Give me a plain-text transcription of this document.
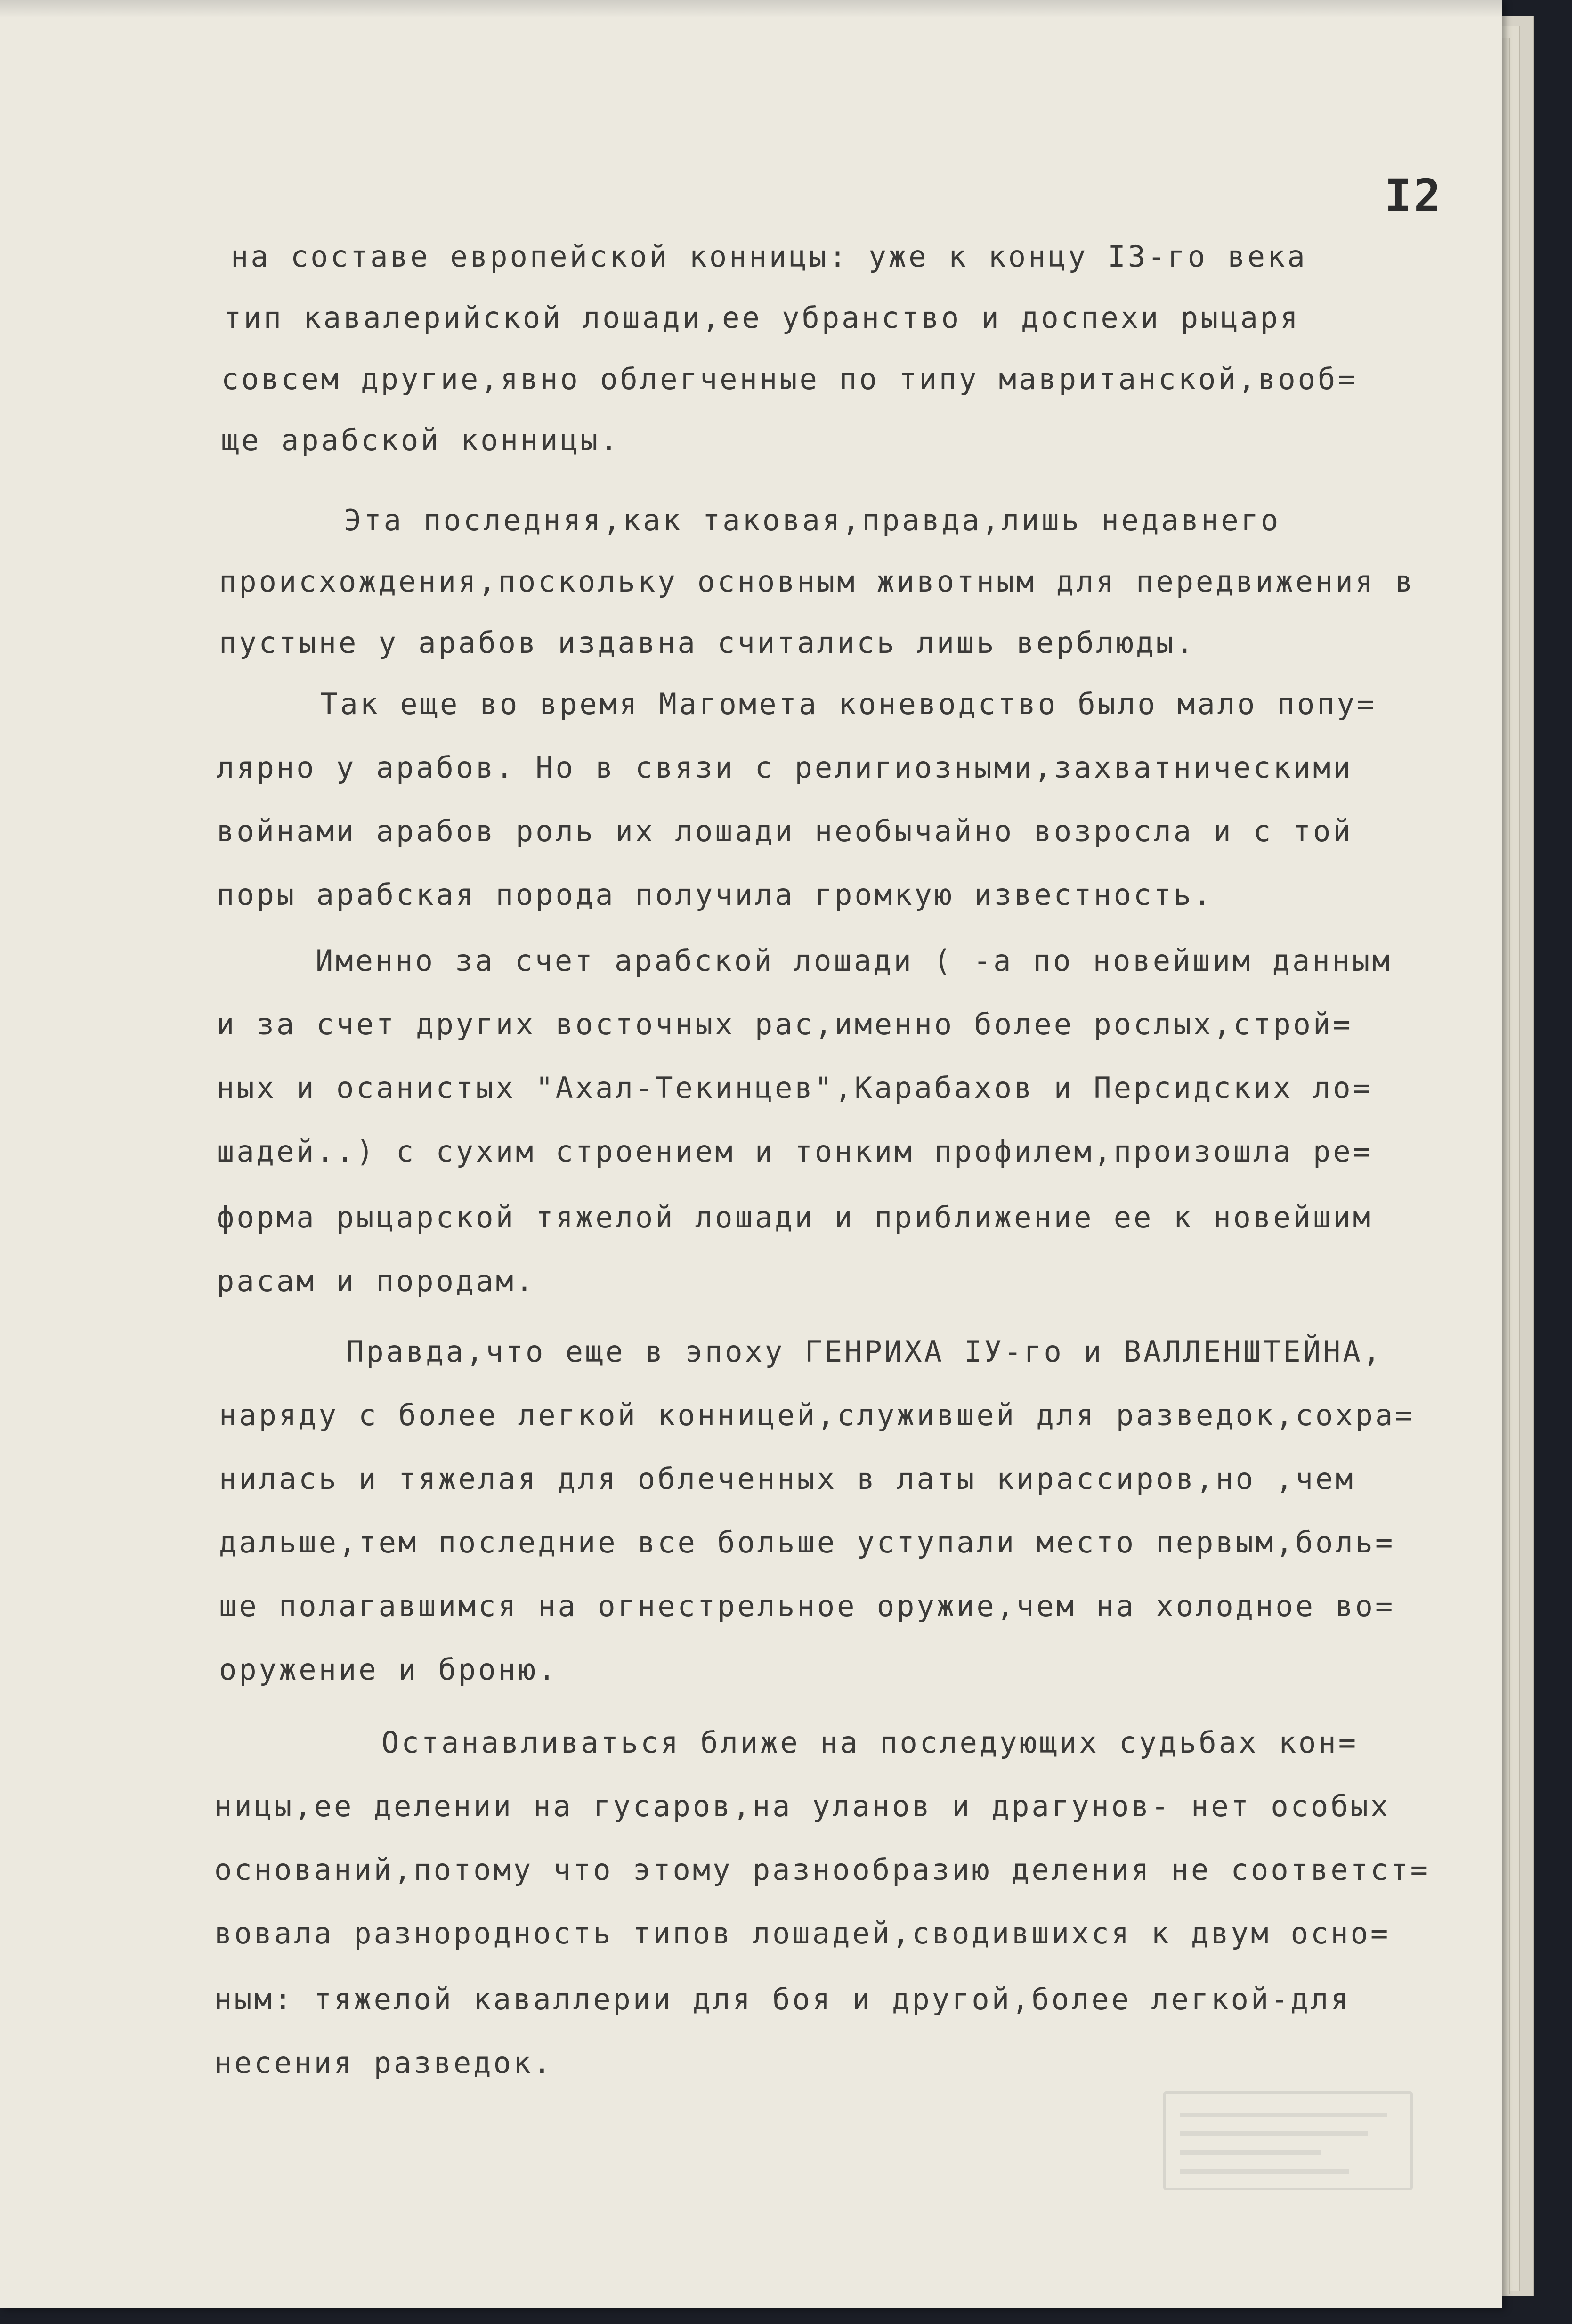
I2
на составе европейской конницы: уже к концу I3-го века
тип кавалерийской лошади,ее убранство и доспехи рыцаря
совсем другие,явно облегченные по типу мавританской,вооб=
ще арабской конницы.
Эта последняя,как таковая,правда,лишь недавнего
происхождения,поскольку основным животным для передвижения в
пустыне у арабов издавна считались лишь верблюды.
Так еще во время Магомета коневодство было мало попу=
лярно у арабов. Но в связи с религиозными,захватническими
войнами арабов роль их лошади необычайно возросла и с той
поры арабская порода получила громкую известность.
Именно за счет арабской лошади ( -а по новейшим данным
и за счет других восточных рас,именно более рослых,строй=
ных и осанистых "Ахал-Текинцев",Карабахов и Персидских ло=
шадей..) с сухим строением и тонким профилем,произошла ре=
форма рыцарской тяжелой лошади и приближение ее к новейшим
расам и породам.
Правда,что еще в эпоху ГЕНРИХА IУ-го и ВАЛЛЕНШТЕЙНА,
наряду с более легкой конницей,служившей для разведок,сохра=
нилась и тяжелая для облеченных в латы кирассиров,но ,чем
дальше,тем последние все больше уступали место первым,боль=
ше полагавшимся на огнестрельное оружие,чем на холодное во=
оружение и броню.
Останавливаться ближе на последующих судьбах кон=
ницы,ее делении на гусаров,на уланов и драгунов- нет особых
оснований,потому что этому разнообразию деления не соответст=
вовала разнородность типов лошадей,сводившихся к двум осно=
ным: тяжелой каваллерии для боя и другой,более легкой-для
несения разведок.
